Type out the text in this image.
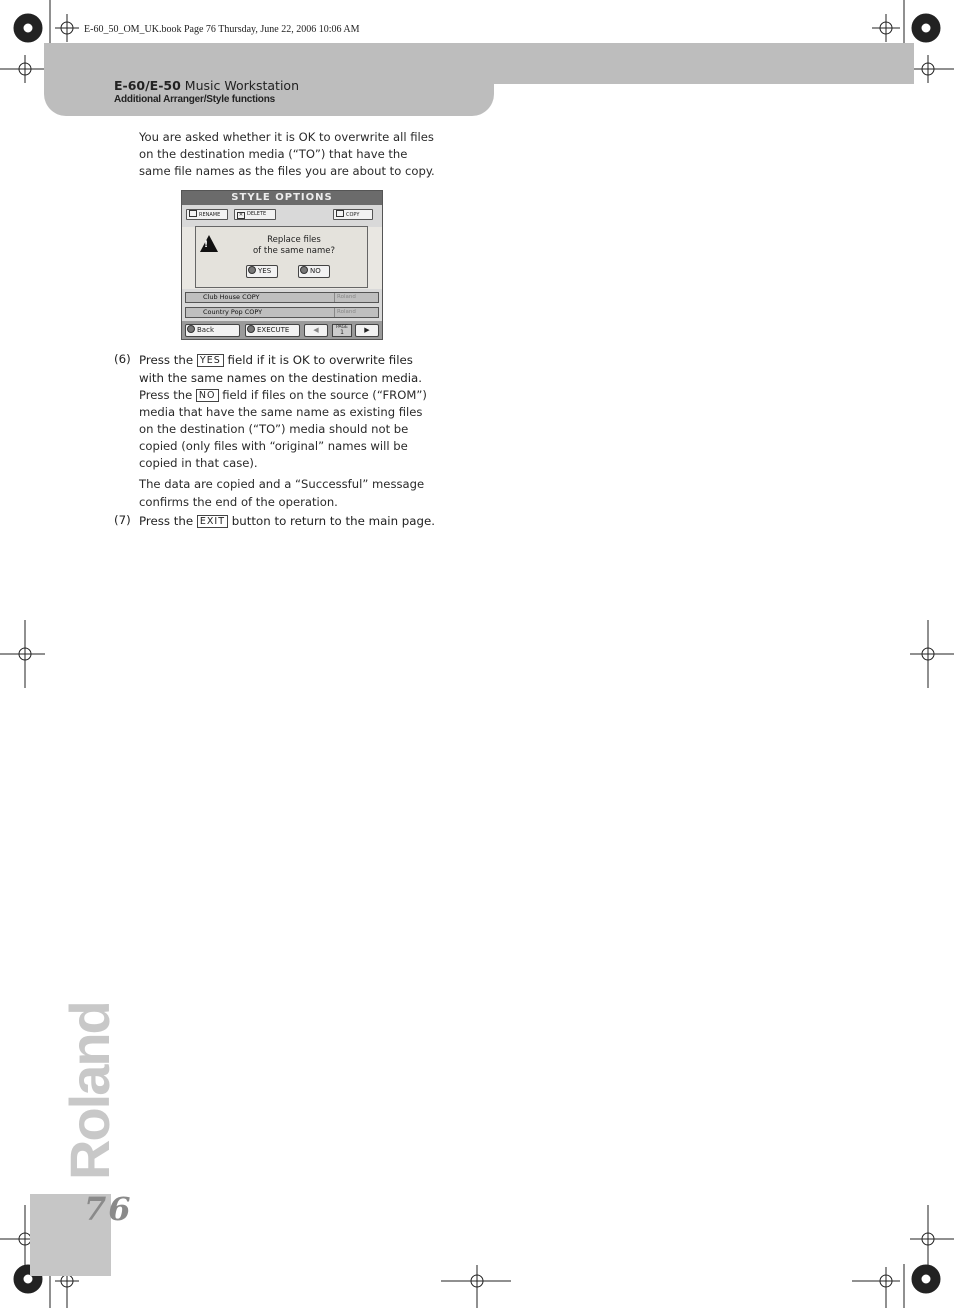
E-60_50_OM_UK.book Page 76 Thursday, June 22, 2006 10:06 AM
E-60/E-50 Music Workstation
Additional Arranger/Style functions
You are asked whether it is OK to overwrite all files on the destination media (“TO”) that have the same file names as the files you are about to copy.
STYLE OPTIONS
RENAME	✕ DELETE	COPY
!	Replace files
of the same name?
YES	NO
Club House COPY	Roland
Country Pop COPY	Roland
Back	EXECUTE	◀	PAGE
1	▶
(6) Press the YES field if it is OK to overwrite files with the same names on the destination media.
Press the NO field if files on the source (“FROM”) media that have the same name as existing files on the destination (“TO”) media should not be copied (only files with “original” names will be copied in that case).
The data are copied and a “Successful” message confirms the end of the operation.
(7) Press the EXIT button to return to the main page.
Roland
76
